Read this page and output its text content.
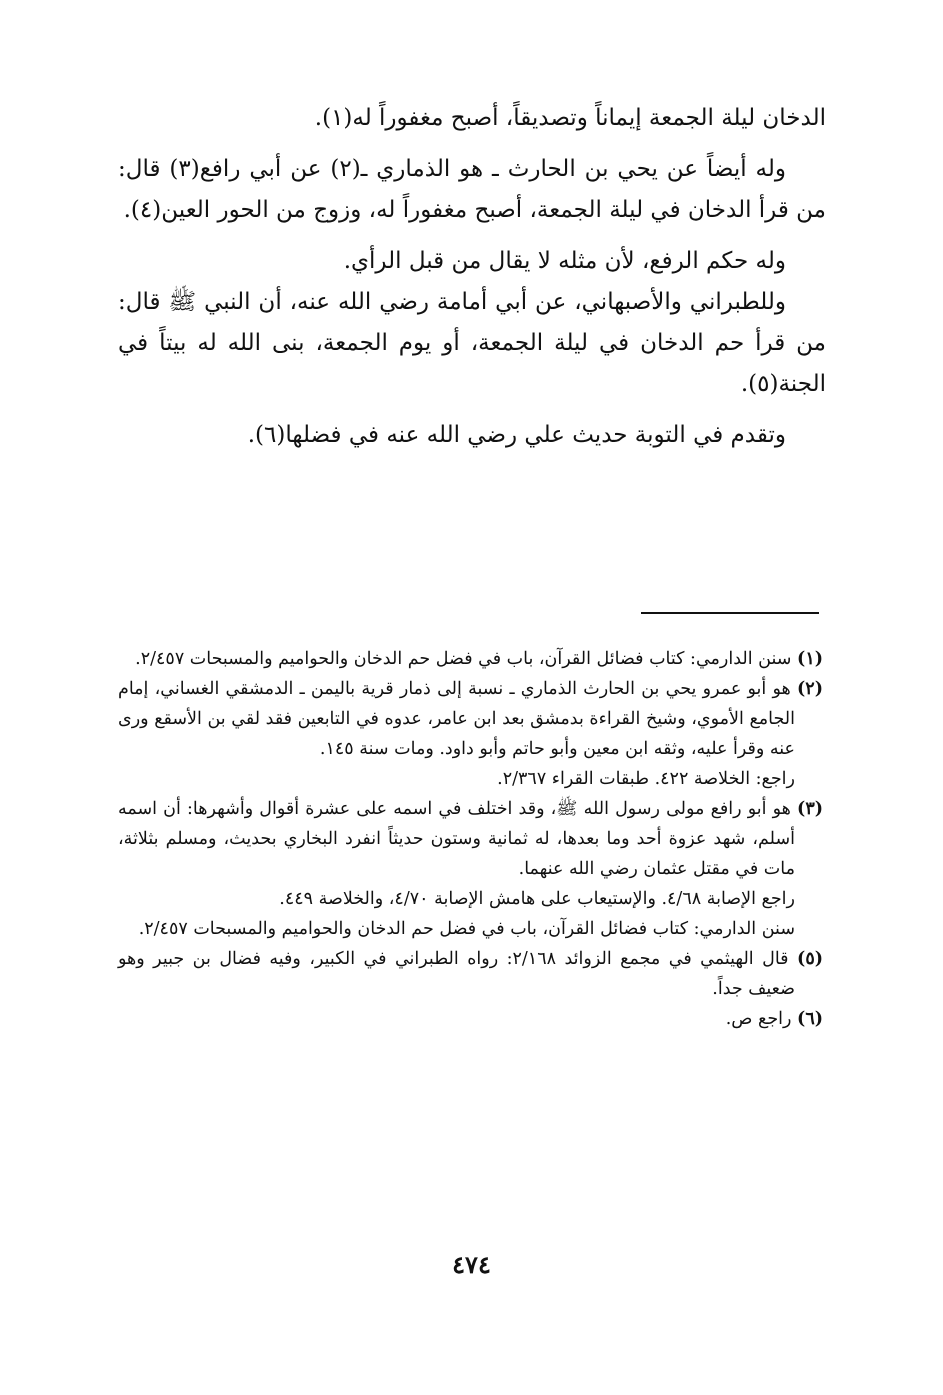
الدخان ليلة الجمعة إيماناً وتصديقاً، أصبح مغفوراً له(١).

وله أيضاً عن يحي بن الحارث ـ هو الذماري ـ(٢) عن أبي رافع(٣) قال: من قرأ الدخان في ليلة الجمعة، أصبح مغفوراً له، وزوج من الحور العين(٤).

وله حكم الرفع، لأن مثله لا يقال من قبل الرأي.

وللطبراني والأصبهاني، عن أبي أمامة رضي الله عنه، أن النبي ﷺ قال: من قرأ حم الدخان في ليلة الجمعة، أو يوم الجمعة، بنى الله له بيتاً في الجنة(٥).

وتقدم في التوبة حديث علي رضي الله عنه في فضلها(٦).

(١) سنن الدارمي: كتاب فضائل القرآن، باب في فضل حم الدخان والحواميم والمسبحات ٢/٤٥٧.

(٢) هو أبو عمرو يحي بن الحارث الذماري ـ نسبة إلى ذمار قرية باليمن ـ الدمشقي الغساني، إمام الجامع الأموي، وشيخ القراءة بدمشق بعد ابن عامر، عدوه في التابعين فقد لقي بن الأسقع ورى عنه وقرأ عليه، وثقه ابن معين وأبو حاتم وأبو داود. ومات سنة ١٤٥.

راجع: الخلاصة ٤٢٢. طبقات القراء ٢/٣٦٧.

(٣) هو أبو رافع مولى رسول الله ﷺ، وقد اختلف في اسمه على عشرة أقوال وأشهرها: أن اسمه أسلم، شهد عزوة أحد وما بعدها، له ثمانية وستون حديثاً انفرد البخاري بحديث، ومسلم بثلاثة، مات في مقتل عثمان رضي الله عنهما.

راجع الإصابة ٤/٦٨. والإستيعاب على هامش الإصابة ٤/٧٠، والخلاصة ٤٤٩.

سنن الدارمي: كتاب فضائل القرآن، باب في فضل حم الدخان والحواميم والمسبحات ٢/٤٥٧.

(٥) قال الهيثمي في مجمع الزوائد ٢/١٦٨: رواه الطبراني في الكبير، وفيه فضال بن جبير وهو ضعيف جداً.

(٦) راجع ص.

٤٧٤
